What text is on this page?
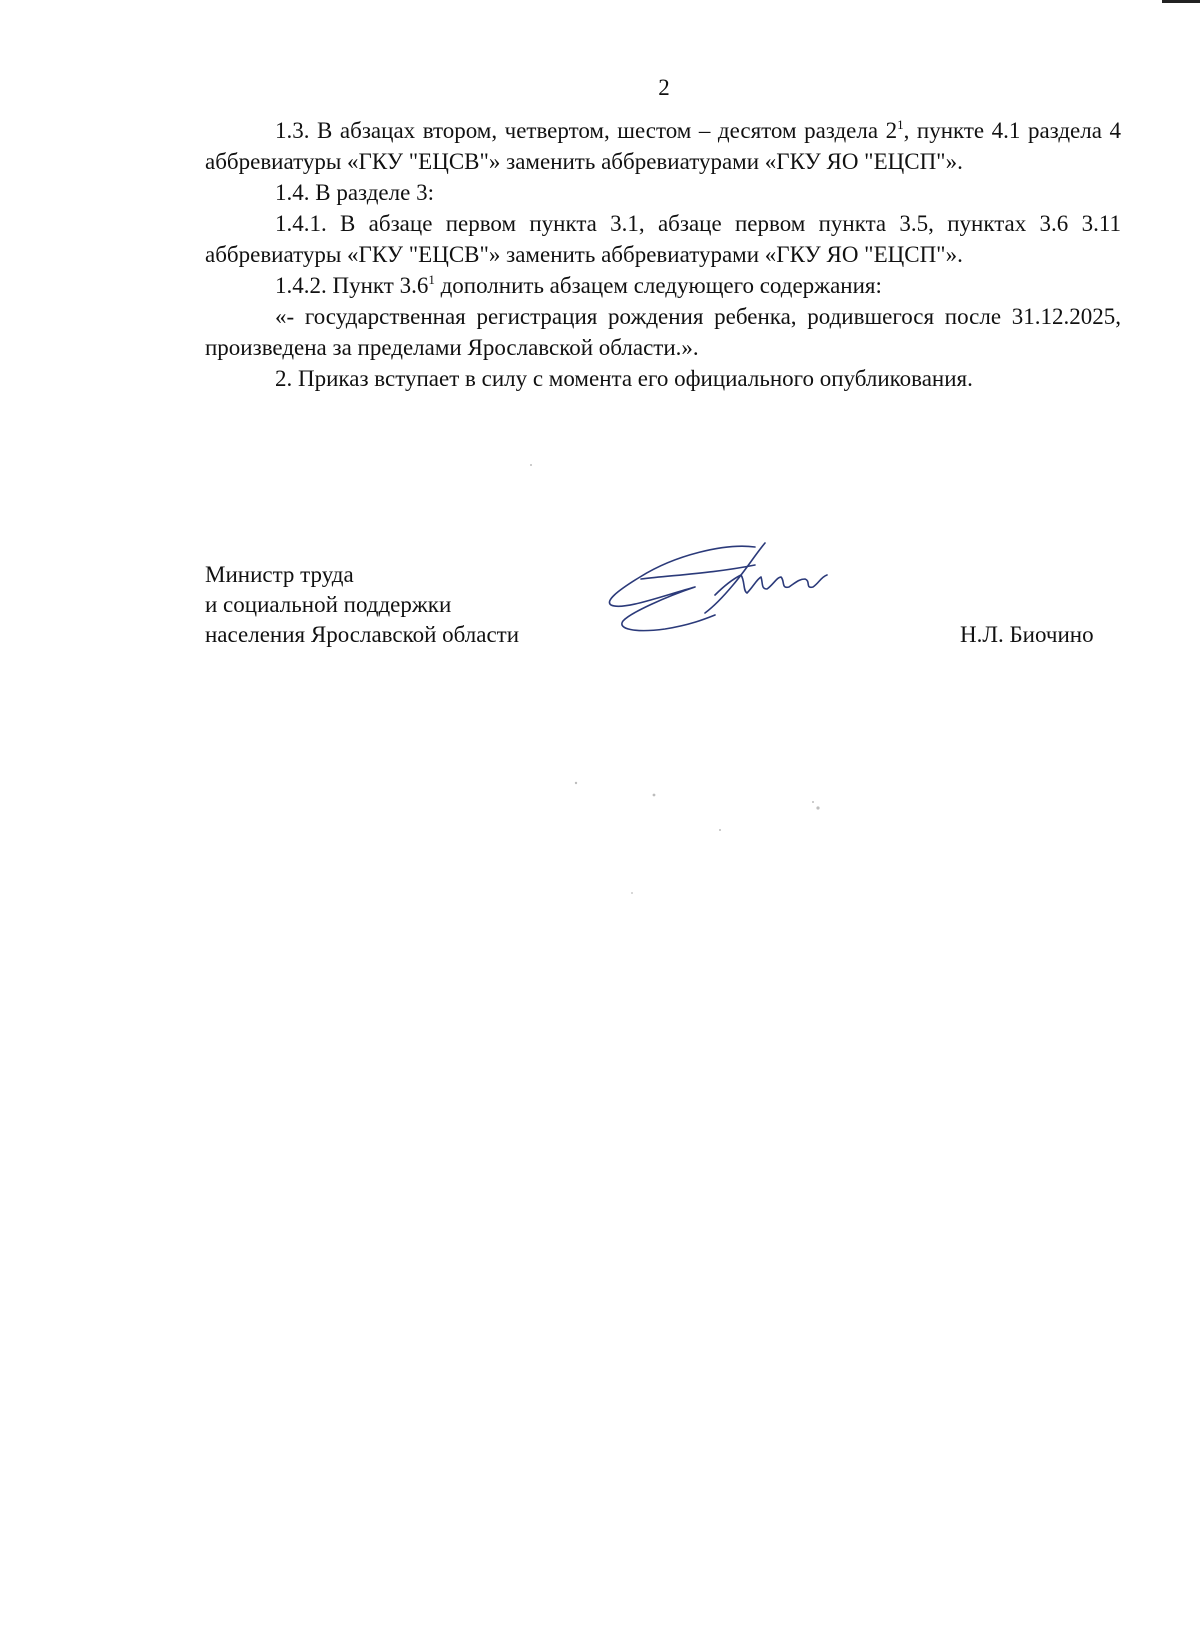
2

1.3. В абзацах втором, четвертом, шестом – десятом раздела $2^1$, пункте 4.1 раздела 4 аббревиатуры «ГКУ "ЕЦСВ"» заменить аббревиатурами «ГКУ ЯО "ЕЦСП"».

1.4. В разделе 3:

1.4.1. В абзаце первом пункта 3.1, абзаце первом пункта 3.5, пунктах 3.6 3.11 аббревиатуры «ГКУ "ЕЦСВ"» заменить аббревиатурами «ГКУ ЯО "ЕЦСП"».

1.4.2. Пункт $3.6^1$ дополнить абзацем следующего содержания:

«- государственная регистрация рождения ребенка, родившегося после 31.12.2025, произведена за пределами Ярославской области.».

2. Приказ вступает в силу с момента его официального опубликования.

Министр труда
и социальной поддержки
населения Ярославской области	Н.Л. Биочино
